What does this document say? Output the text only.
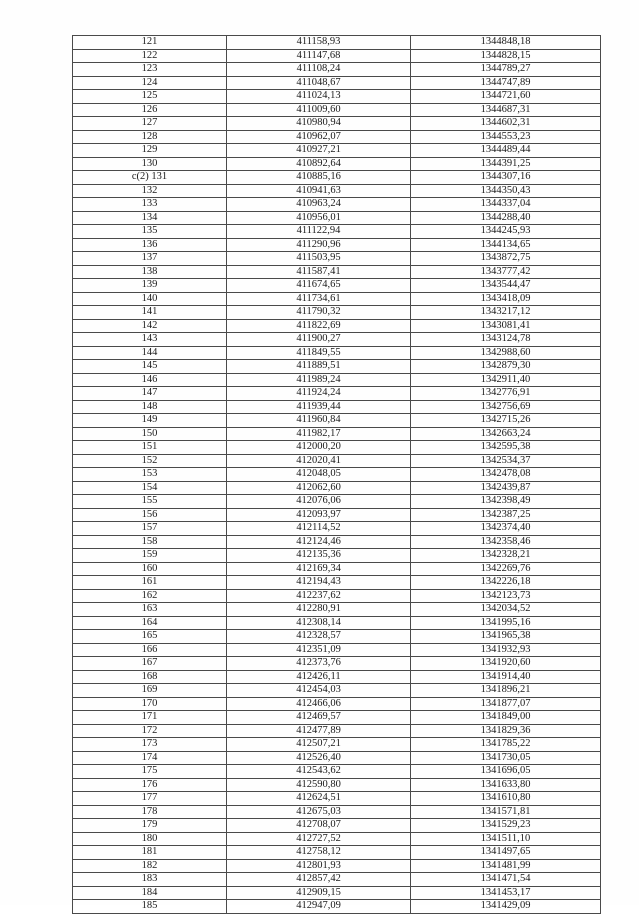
121	411158,93	1344848,18
122	411147,68	1344828,15
123	411108,24	1344789,27
124	411048,67	1344747,89
125	411024,13	1344721,60
126	411009,60	1344687,31
127	410980,94	1344602,31
128	410962,07	1344553,23
129	410927,21	1344489,44
130	410892,64	1344391,25
c(2) 131	410885,16	1344307,16
132	410941,63	1344350,43
133	410963,24	1344337,04
134	410956,01	1344288,40
135	411122,94	1344245,93
136	411290,96	1344134,65
137	411503,95	1343872,75
138	411587,41	1343777,42
139	411674,65	1343544,47
140	411734,61	1343418,09
141	411790,32	1343217,12
142	411822,69	1343081,41
143	411900,27	1343124,78
144	411849,55	1342988,60
145	411889,51	1342879,30
146	411989,24	1342911,40
147	411924,24	1342776,91
148	411939,44	1342756,69
149	411960,84	1342715,26
150	411982,17	1342663,24
151	412000,20	1342595,38
152	412020,41	1342534,37
153	412048,05	1342478,08
154	412062,60	1342439,87
155	412076,06	1342398,49
156	412093,97	1342387,25
157	412114,52	1342374,40
158	412124,46	1342358,46
159	412135,36	1342328,21
160	412169,34	1342269,76
161	412194,43	1342226,18
162	412237,62	1342123,73
163	412280,91	1342034,52
164	412308,14	1341995,16
165	412328,57	1341965,38
166	412351,09	1341932,93
167	412373,76	1341920,60
168	412426,11	1341914,40
169	412454,03	1341896,21
170	412466,06	1341877,07
171	412469,57	1341849,00
172	412477,89	1341829,36
173	412507,21	1341785,22
174	412526,40	1341730,05
175	412543,62	1341696,05
176	412590,80	1341633,80
177	412624,51	1341610,80
178	412675,03	1341571,81
179	412708,07	1341529,23
180	412727,52	1341511,10
181	412758,12	1341497,65
182	412801,93	1341481,99
183	412857,42	1341471,54
184	412909,15	1341453,17
185	412947,09	1341429,09
